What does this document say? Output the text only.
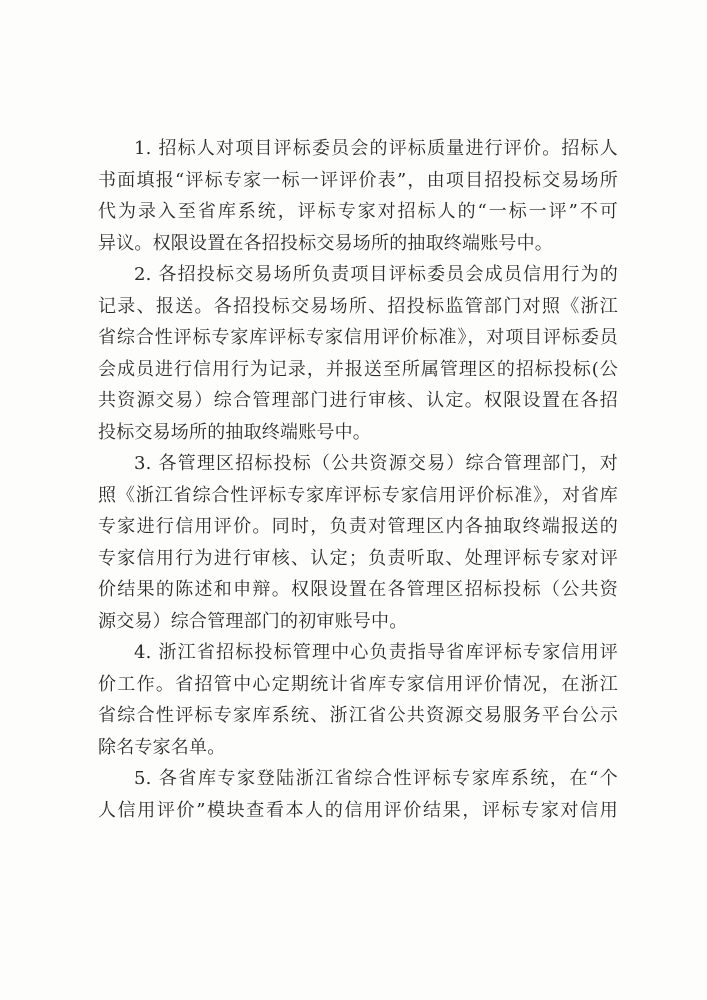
1. 招标人对项目评标委员会的评标质量进行评价。招标人
书面填报“评标专家一标一评评价表”，由项目招投标交易场所
代为录入至省库系统，评标专家对招标人的“一标一评”不可
异议。权限设置在各招投标交易场所的抽取终端账号中。
2. 各招投标交易场所负责项目评标委员会成员信用行为的
记录、报送。各招投标交易场所、招投标监管部门对照《浙江
省综合性评标专家库评标专家信用评价标准》，对项目评标委员
会成员进行信用行为记录，并报送至所属管理区的招标投标(公
共资源交易）综合管理部门进行审核、认定。权限设置在各招
投标交易场所的抽取终端账号中。
3. 各管理区招标投标（公共资源交易）综合管理部门，对
照《浙江省综合性评标专家库评标专家信用评价标准》，对省库
专家进行信用评价。同时，负责对管理区内各抽取终端报送的
专家信用行为进行审核、认定；负责听取、处理评标专家对评
价结果的陈述和申辩。权限设置在各管理区招标投标（公共资
源交易）综合管理部门的初审账号中。
4. 浙江省招标投标管理中心负责指导省库评标专家信用评
价工作。省招管中心定期统计省库专家信用评价情况，在浙江
省综合性评标专家库系统、浙江省公共资源交易服务平台公示
除名专家名单。
5. 各省库专家登陆浙江省综合性评标专家库系统，在“个
人信用评价”模块查看本人的信用评价结果，评标专家对信用
